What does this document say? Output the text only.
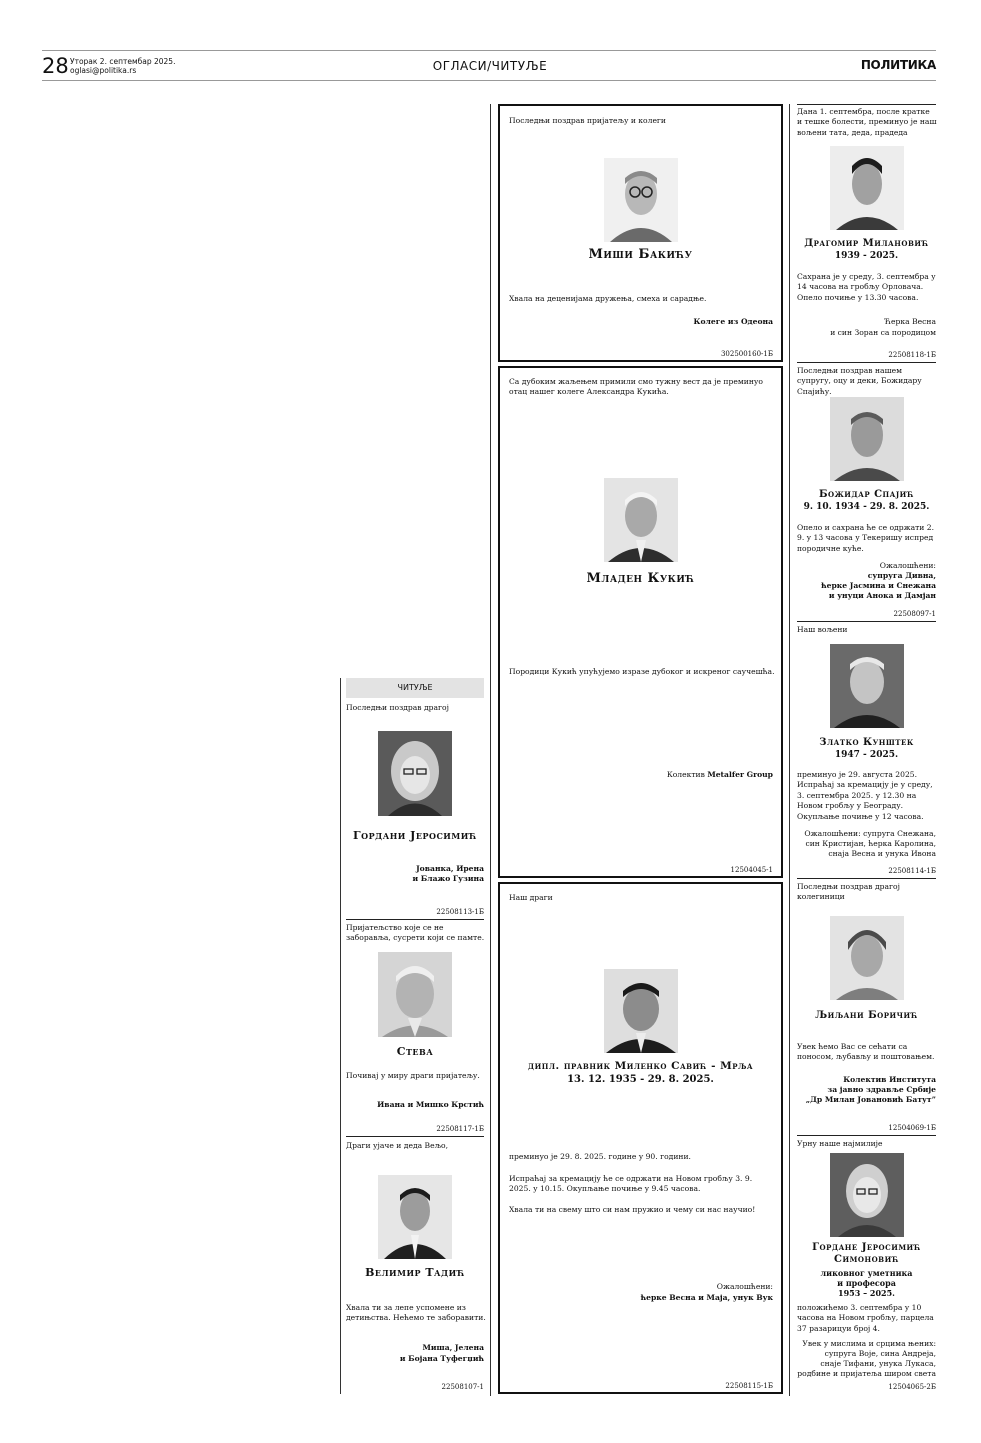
28 Уторак 2. септембар 2025.
oglasi@politika.rs	ОГЛАСИ/ЧИТУЉЕ	ПОЛИТИКА
ЧИТУЉЕ
Последњи поздрав драгој
Гордани Јеросимић
Јованка, Ирена
и Блажо Гузина
22508113-1Б
Пријатељство које се не заборавља, сусрети који се памте.
Стева
Почивај у миру драги пријатељу.
Ивана и Мишко Крстић
22508117-1Б
Драги ујаче и деда Вељо,
Велимир Тадић
Хвала ти за лепе успомене из детињства. Нећемо те заборавити.
Миша, Јелена
и Бојана Туфегџић
22508107-1
Последњи поздрав пријатељу и колеги
Миши Бакићу
Хвала на деценијама дружења, смеха и сарадње.
Колеге из Одеона
302500160-1Б
Са дубоким жаљењем примили смо тужну вест да је преминуо отац нашег колеге Александра Кукића.
Младен Кукић
Породици Кукић упућујемо изразе дубоког и искреног саучешћа.
Колектив Metalfer Group
12504045-1
Наш драги
дипл. правник Миленко Савић - Мрља
13. 12. 1935 - 29. 8. 2025.
преминуо је 29. 8. 2025. године у 90. години.
Испраћај за кремацију ће се одржати на Новом гробљу 3. 9. 2025. у 10.15. Окупљање почиње у 9.45 часова.
Хвала ти на свему што си нам пружио и чему си нас научио!
Ожалошћени:
ћерке Весна и Маја, унук Вук
22508115-1Б
Дана 1. септембра, после кратке и тешке болести, преминуо је наш вољени тата, деда, прадеда
Драгомир Милановић
1939 - 2025.
Сахрана је у среду, 3. септембра у 14 часова на гробљу Орловача. Опело почиње у 13.30 часова.
Ћерка Весна
и син Зоран са породицом
22508118-1Б
Последњи поздрав нашем супругу, оцу и деки, Божидару Спајићу.
Божидар Спајић
9. 10. 1934 - 29. 8. 2025.
Опело и сахрана ће се одржати 2. 9. у 13 часова у Текеришу испред породичне куће.
Ожалошћени:
супруга Дивна,
ћерке Јасмина и Снежана
и унуци Анока и Дамјан
22508097-1
Наш вољени
Златко Кунштек
1947 - 2025.
преминуо је 29. августа 2025. Испраћај за кремацију је у среду, 3. септембра 2025. у 12.30 на Новом гробљу у Београду. Окупљање почиње у 12 часова.
Ожалошћени: супруга Снежана,
син Кристијан, ћерка Каролина,
снаја Весна и унука Ивона
22508114-1Б
Последњи поздрав драгој колегиници
Љиљани Боричић
Увек ћемо Вас се сећати са поносом, љубављу и поштовањем.
Колектив Института
за јавно здравље Србије
„Др Милан Јовановић Батут”
12504069-1Б
Урну наше најмилије
Гордане Јеросимић Симоновић
ликовног уметника
и професора
1953 – 2025.
положићемо 3. септембра у 10 часова на Новом гробљу, парцела 37 разарицуи број 4.
Увек у мислима и срцима њених:
супруга Воје, сина Андреја,
снаје Тифани, унука Лукаса,
родбине и пријатеља широм света
12504065-2Б
